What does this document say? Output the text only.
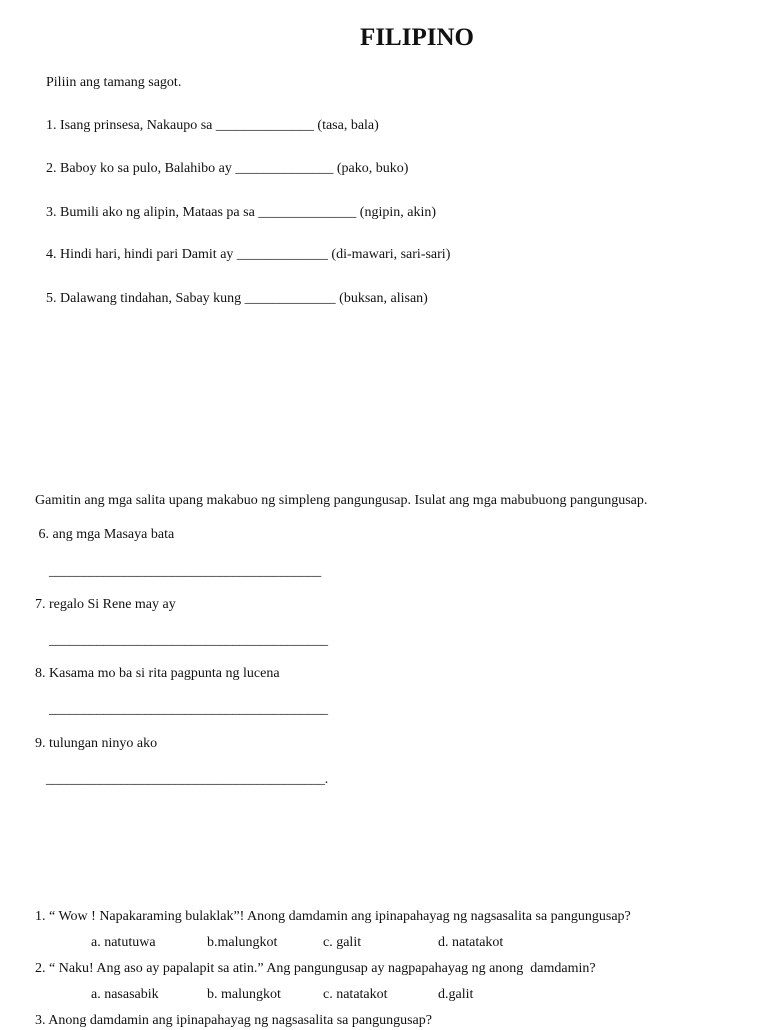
FILIPINO
Piliin ang tamang sagot.
1. Isang prinsesa, Nakaupo sa ______________ (tasa, bala)
2. Baboy ko sa pulo, Balahibo ay ______________ (pako, buko)
3. Bumili ako ng alipin, Mataas pa sa ______________ (ngipin, akin)
4. Hindi hari, hindi pari Damit ay _____________ (di-mawari, sari-sari)
5. Dalawang tindahan, Sabay kung _____________ (buksan, alisan)
Gamitin ang mga salita upang makabuo ng simpleng pangungusap. Isulat ang mga mabubuong pangungusap.
6. ang mga Masaya bata
________________________________________
7. regalo Si Rene may ay
_________________________________________
8. Kasama mo ba si rita pagpunta ng lucena
_________________________________________
9. tulungan ninyo ako
_________________________________________.
1. “ Wow ! Napakaraming bulaklak”! Anong damdamin ang ipinapahayag ng nagsasalita sa pangungusap?
a. natutuwa	b.malungkot	c. galit	d. natatakot
2. “ Naku! Ang aso ay papalapit sa atin.” Ang pangungusap ay nagpapahayag ng anong  damdamin?
a. nasasabik	b. malungkot	c. natatakot	d.galit
3. Anong damdamin ang ipinapahayag ng nagsasalita sa pangungusap?
